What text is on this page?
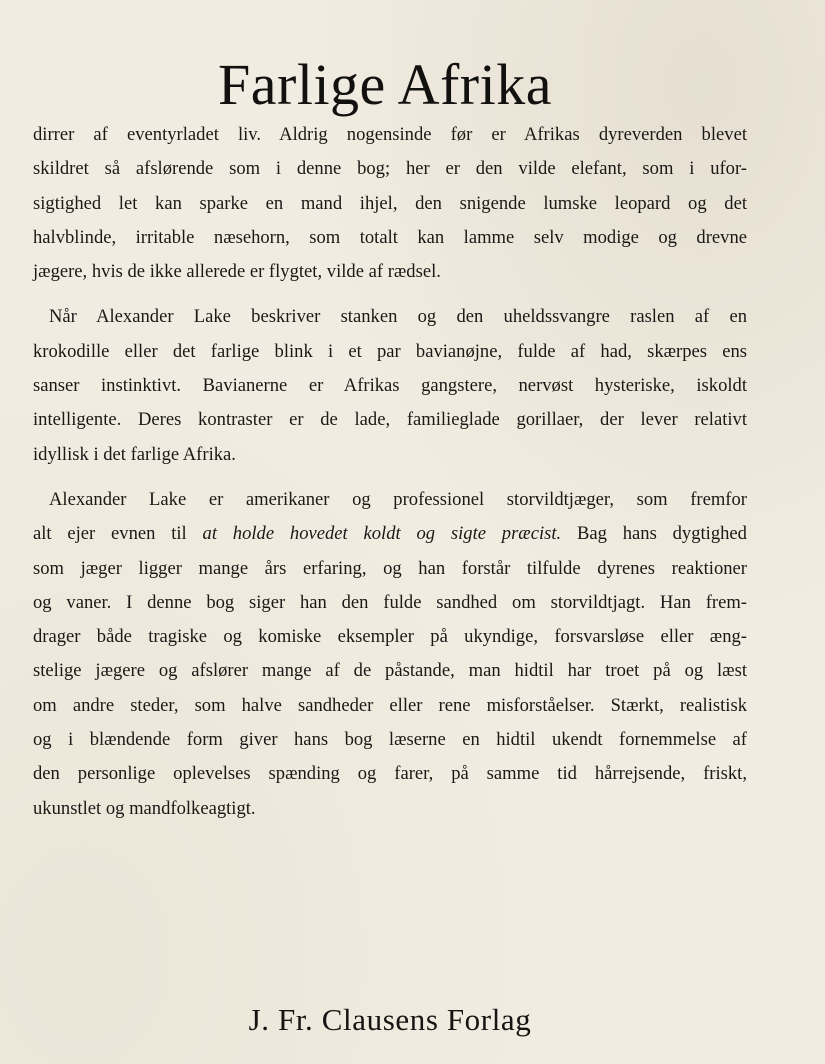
Farlige Afrika
dirrer af eventyrladet liv. Aldrig nogensinde før er Afrikas dyreverden blevet
skildret så afslørende som i denne bog; her er den vilde elefant, som i ufor-
sigtighed let kan sparke en mand ihjel, den snigende lumske leopard og det
halvblinde, irritable næsehorn, som totalt kan lamme selv modige og drevne
jægere, hvis de ikke allerede er flygtet, vilde af rædsel.
Når Alexander Lake beskriver stanken og den uheldssvangre raslen af en
krokodille eller det farlige blink i et par bavianøjne, fulde af had, skærpes ens
sanser instinktivt. Bavianerne er Afrikas gangstere, nervøst hysteriske, iskoldt
intelligente. Deres kontraster er de lade, familieglade gorillaer, der lever relativt
idyllisk i det farlige Afrika.
Alexander Lake er amerikaner og professionel storvildtjæger, som fremfor
alt ejer evnen til at holde hovedet koldt og sigte præcist. Bag hans dygtighed
som jæger ligger mange års erfaring, og han forstår tilfulde dyrenes reaktioner
og vaner. I denne bog siger han den fulde sandhed om storvildtjagt. Han frem-
drager både tragiske og komiske eksempler på ukyndige, forsvarsløse eller æng-
stelige jægere og afslører mange af de påstande, man hidtil har troet på og læst
om andre steder, som halve sandheder eller rene misforståelser. Stærkt, realistisk
og i blændende form giver hans bog læserne en hidtil ukendt fornemmelse af
den personlige oplevelses spænding og farer, på samme tid hårrejsende, friskt,
ukunstlet og mandfolkeagtigt.
J. Fr. Clausens Forlag
